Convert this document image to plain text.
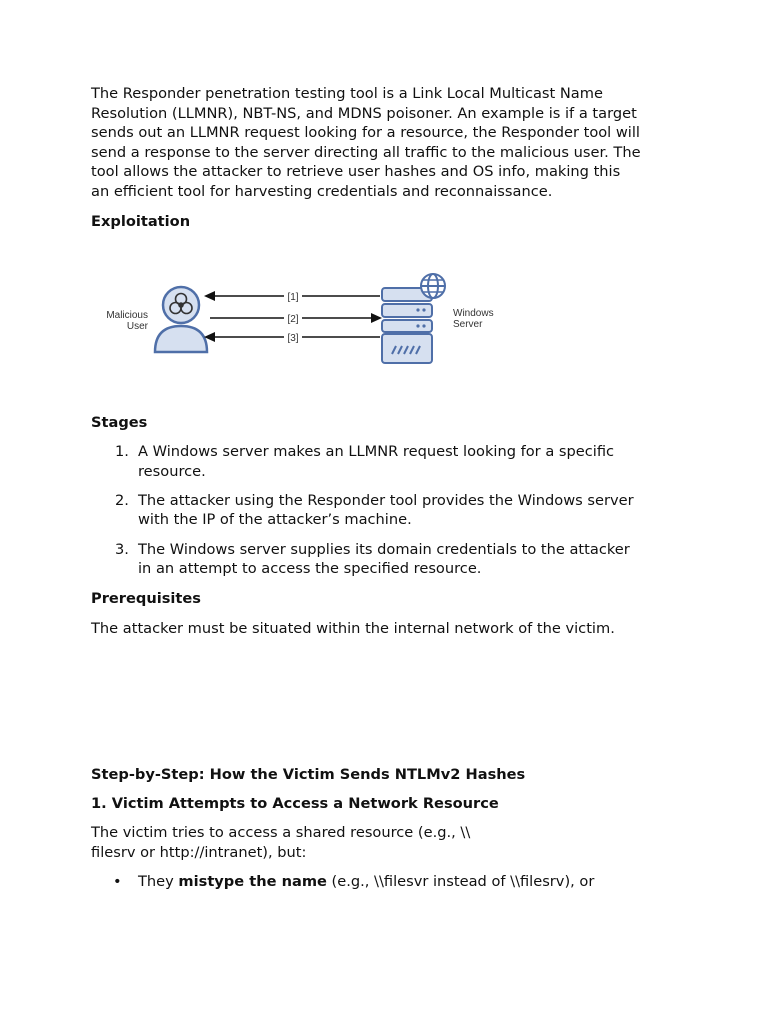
The Responder penetration testing tool is a Link Local Multicast Name
Resolution (LLMNR), NBT-NS, and MDNS poisoner. An example is if a target
sends out an LLMNR request looking for a resource, the Responder tool will
send a response to the server directing all traffic to the malicious user. The
tool allows the attacker to retrieve user hashes and OS info, making this
an efficient tool for harvesting credentials and reconnaissance.

Exploitation
Malicious
User
[1]
[2]
[3]
Windows
Server
Stages
1. A Windows server makes an LLMNR request looking for a specific
resource.
2. The attacker using the Responder tool provides the Windows server
with the IP of the attacker’s machine.
3. The Windows server supplies its domain credentials to the attacker
in an attempt to access the specified resource.
Prerequisites

The attacker must be situated within the internal network of the victim.

Step-by-Step: How the Victim Sends NTLMv2 Hashes
1. Victim Attempts to Access a Network Resource

The victim tries to access a shared resource (e.g., \\
filesrv or http://intranet), but:

• They mistype the name (e.g., \\filesvr instead of \\filesrv), or
